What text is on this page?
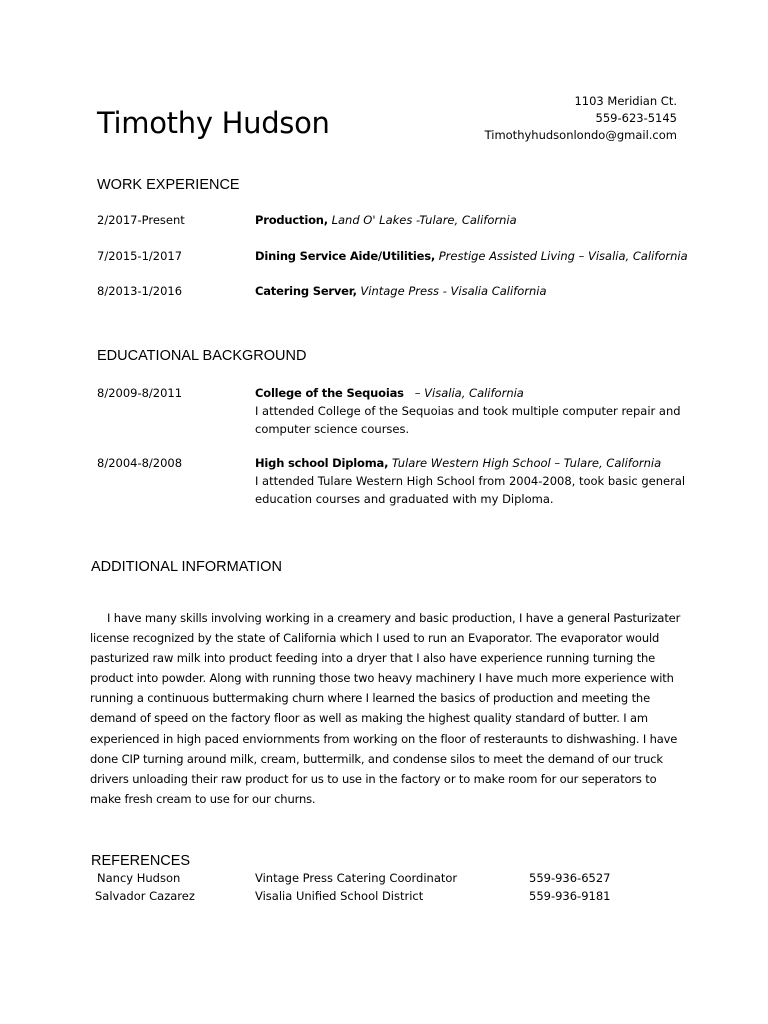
Timothy Hudson
1103 Meridian Ct.
559-623-5145
Timothyhudsonlondo@gmail.com
WORK EXPERIENCE
2/2017-Present	Production, Land O' Lakes -Tulare, California
7/2015-1/2017	Dining Service Aide/Utilities, Prestige Assisted Living – Visalia, California
8/2013-1/2016	Catering Server, Vintage Press - Visalia California
EDUCATIONAL BACKGROUND
8/2009-8/2011	College of the Sequoias – Visalia, California
I attended College of the Sequoias and took multiple computer repair and computer science courses.
8/2004-8/2008	High school Diploma, Tulare Western High School – Tulare, California
I attended Tulare Western High School from 2004-2008, took basic general education courses and graduated with my Diploma.
ADDITIONAL INFORMATION
I have many skills involving working in a creamery and basic production, I have a general Pasturizater license recognized by the state of California which I used to run an Evaporator. The evaporator would pasturized raw milk into product feeding into a dryer that I also have experience running turning the product into powder. Along with running those two heavy machinery I have much more experience with running a continuous buttermaking churn where I learned the basics of production and meeting the demand of speed on the factory floor as well as making the highest quality standard of butter. I am experienced in high paced enviornments from working on the floor of resteraunts to dishwashing. I have done CIP turning around milk, cream, buttermilk, and condense silos to meet the demand of our truck drivers unloading their raw product for us to use in the factory or to make room for our seperators to make fresh cream to use for our churns.
REFERENCES
Nancy Hudson	Vintage Press Catering Coordinator	559-936-6527
Salvador Cazarez	Visalia Unified School District	559-936-9181
